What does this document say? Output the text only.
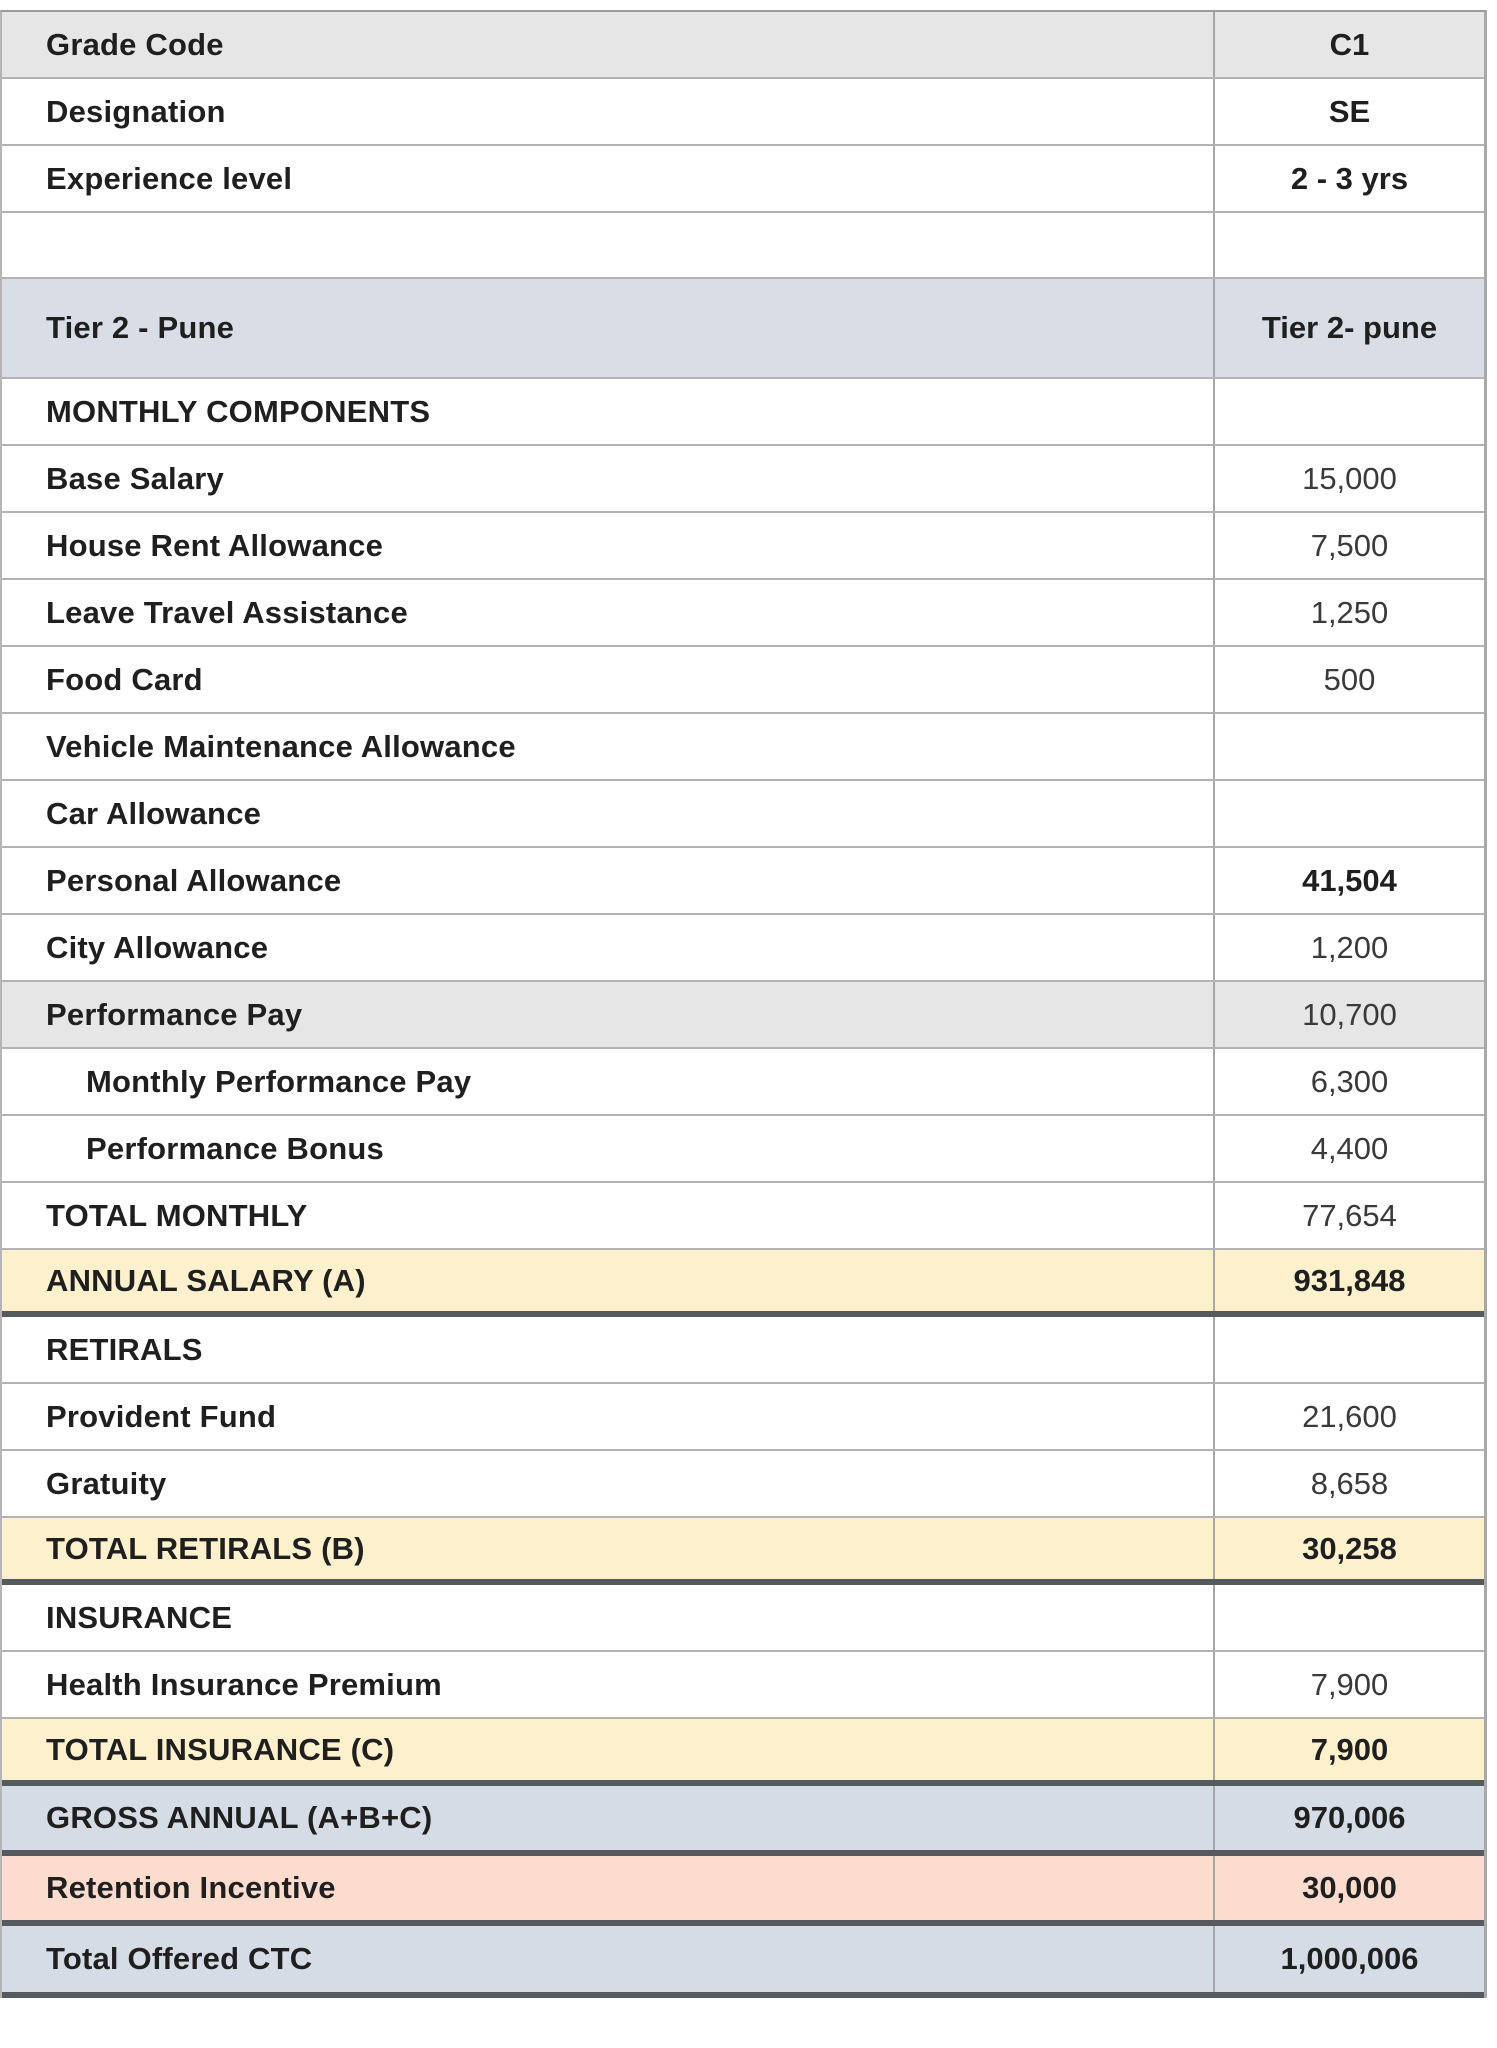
Grade Code	C1
Designation	SE
Experience level	2 - 3 yrs
Tier 2 - Pune	Tier 2- pune
MONTHLY COMPONENTS
Base Salary	15,000
House Rent Allowance	7,500
Leave Travel Assistance	1,250
Food Card	500
Vehicle Maintenance Allowance
Car Allowance
Personal Allowance	41,504
City Allowance	1,200
Performance Pay	10,700
Monthly Performance Pay	6,300
Performance Bonus	4,400
TOTAL MONTHLY	77,654
ANNUAL SALARY (A)	931,848
RETIRALS
Provident Fund	21,600
Gratuity	8,658
TOTAL RETIRALS (B)	30,258
INSURANCE
Health Insurance Premium	7,900
TOTAL INSURANCE (C)	7,900
GROSS ANNUAL (A+B+C)	970,006
Retention Incentive	30,000
Total Offered CTC	1,000,006
